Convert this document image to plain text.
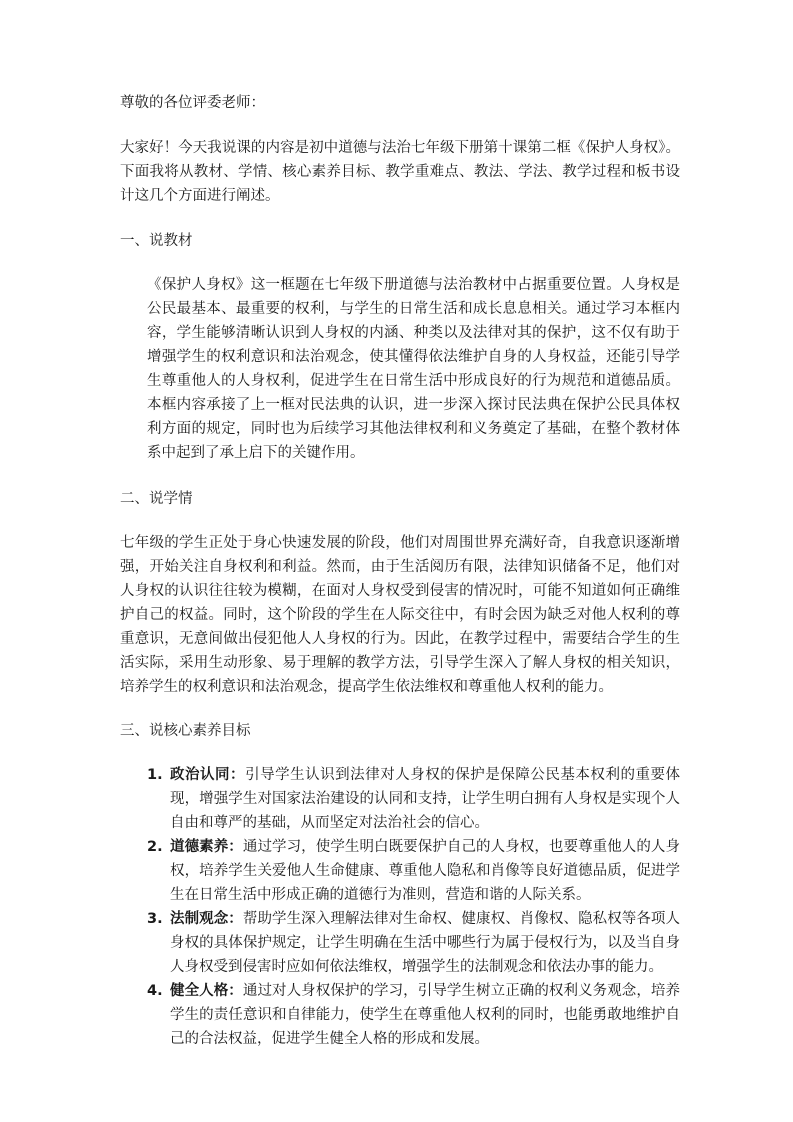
尊敬的各位评委老师：

大家好！今天我说课的内容是初中道德与法治七年级下册第十课第二框《保护人身权》。下面我将从教材、学情、核心素养目标、教学重难点、教法、学法、教学过程和板书设计这几个方面进行阐述。

一、说教材

《保护人身权》这一框题在七年级下册道德与法治教材中占据重要位置。人身权是公民最基本、最重要的权利，与学生的日常生活和成长息息相关。通过学习本框内容，学生能够清晰认识到人身权的内涵、种类以及法律对其的保护，这不仅有助于增强学生的权利意识和法治观念，使其懂得依法维护自身的人身权益，还能引导学生尊重他人的人身权利，促进学生在日常生活中形成良好的行为规范和道德品质。本框内容承接了上一框对民法典的认识，进一步深入探讨民法典在保护公民具体权利方面的规定，同时也为后续学习其他法律权利和义务奠定了基础，在整个教材体系中起到了承上启下的关键作用。

二、说学情

七年级的学生正处于身心快速发展的阶段，他们对周围世界充满好奇，自我意识逐渐增强，开始关注自身权利和利益。然而，由于生活阅历有限，法律知识储备不足，他们对人身权的认识往往较为模糊，在面对人身权受到侵害的情况时，可能不知道如何正确维护自己的权益。同时，这个阶段的学生在人际交往中，有时会因为缺乏对他人权利的尊重意识，无意间做出侵犯他人人身权的行为。因此，在教学过程中，需要结合学生的生活实际，采用生动形象、易于理解的教学方法，引导学生深入了解人身权的相关知识，培养学生的权利意识和法治观念，提高学生依法维权和尊重他人权利的能力。

三、说核心素养目标

1. 政治认同：引导学生认识到法律对人身权的保护是保障公民基本权利的重要体现，增强学生对国家法治建设的认同和支持，让学生明白拥有人身权是实现个人自由和尊严的基础，从而坚定对法治社会的信心。
2. 道德素养：通过学习，使学生明白既要保护自己的人身权，也要尊重他人的人身权，培养学生关爱他人生命健康、尊重他人隐私和肖像等良好道德品质，促进学生在日常生活中形成正确的道德行为准则，营造和谐的人际关系。
3. 法制观念：帮助学生深入理解法律对生命权、健康权、肖像权、隐私权等各项人身权的具体保护规定，让学生明确在生活中哪些行为属于侵权行为，以及当自身人身权受到侵害时应如何依法维权，增强学生的法制观念和依法办事的能力。
4. 健全人格：通过对人身权保护的学习，引导学生树立正确的权利义务观念，培养学生的责任意识和自律能力，使学生在尊重他人权利的同时，也能勇敢地维护自己的合法权益，促进学生健全人格的形成和发展。
